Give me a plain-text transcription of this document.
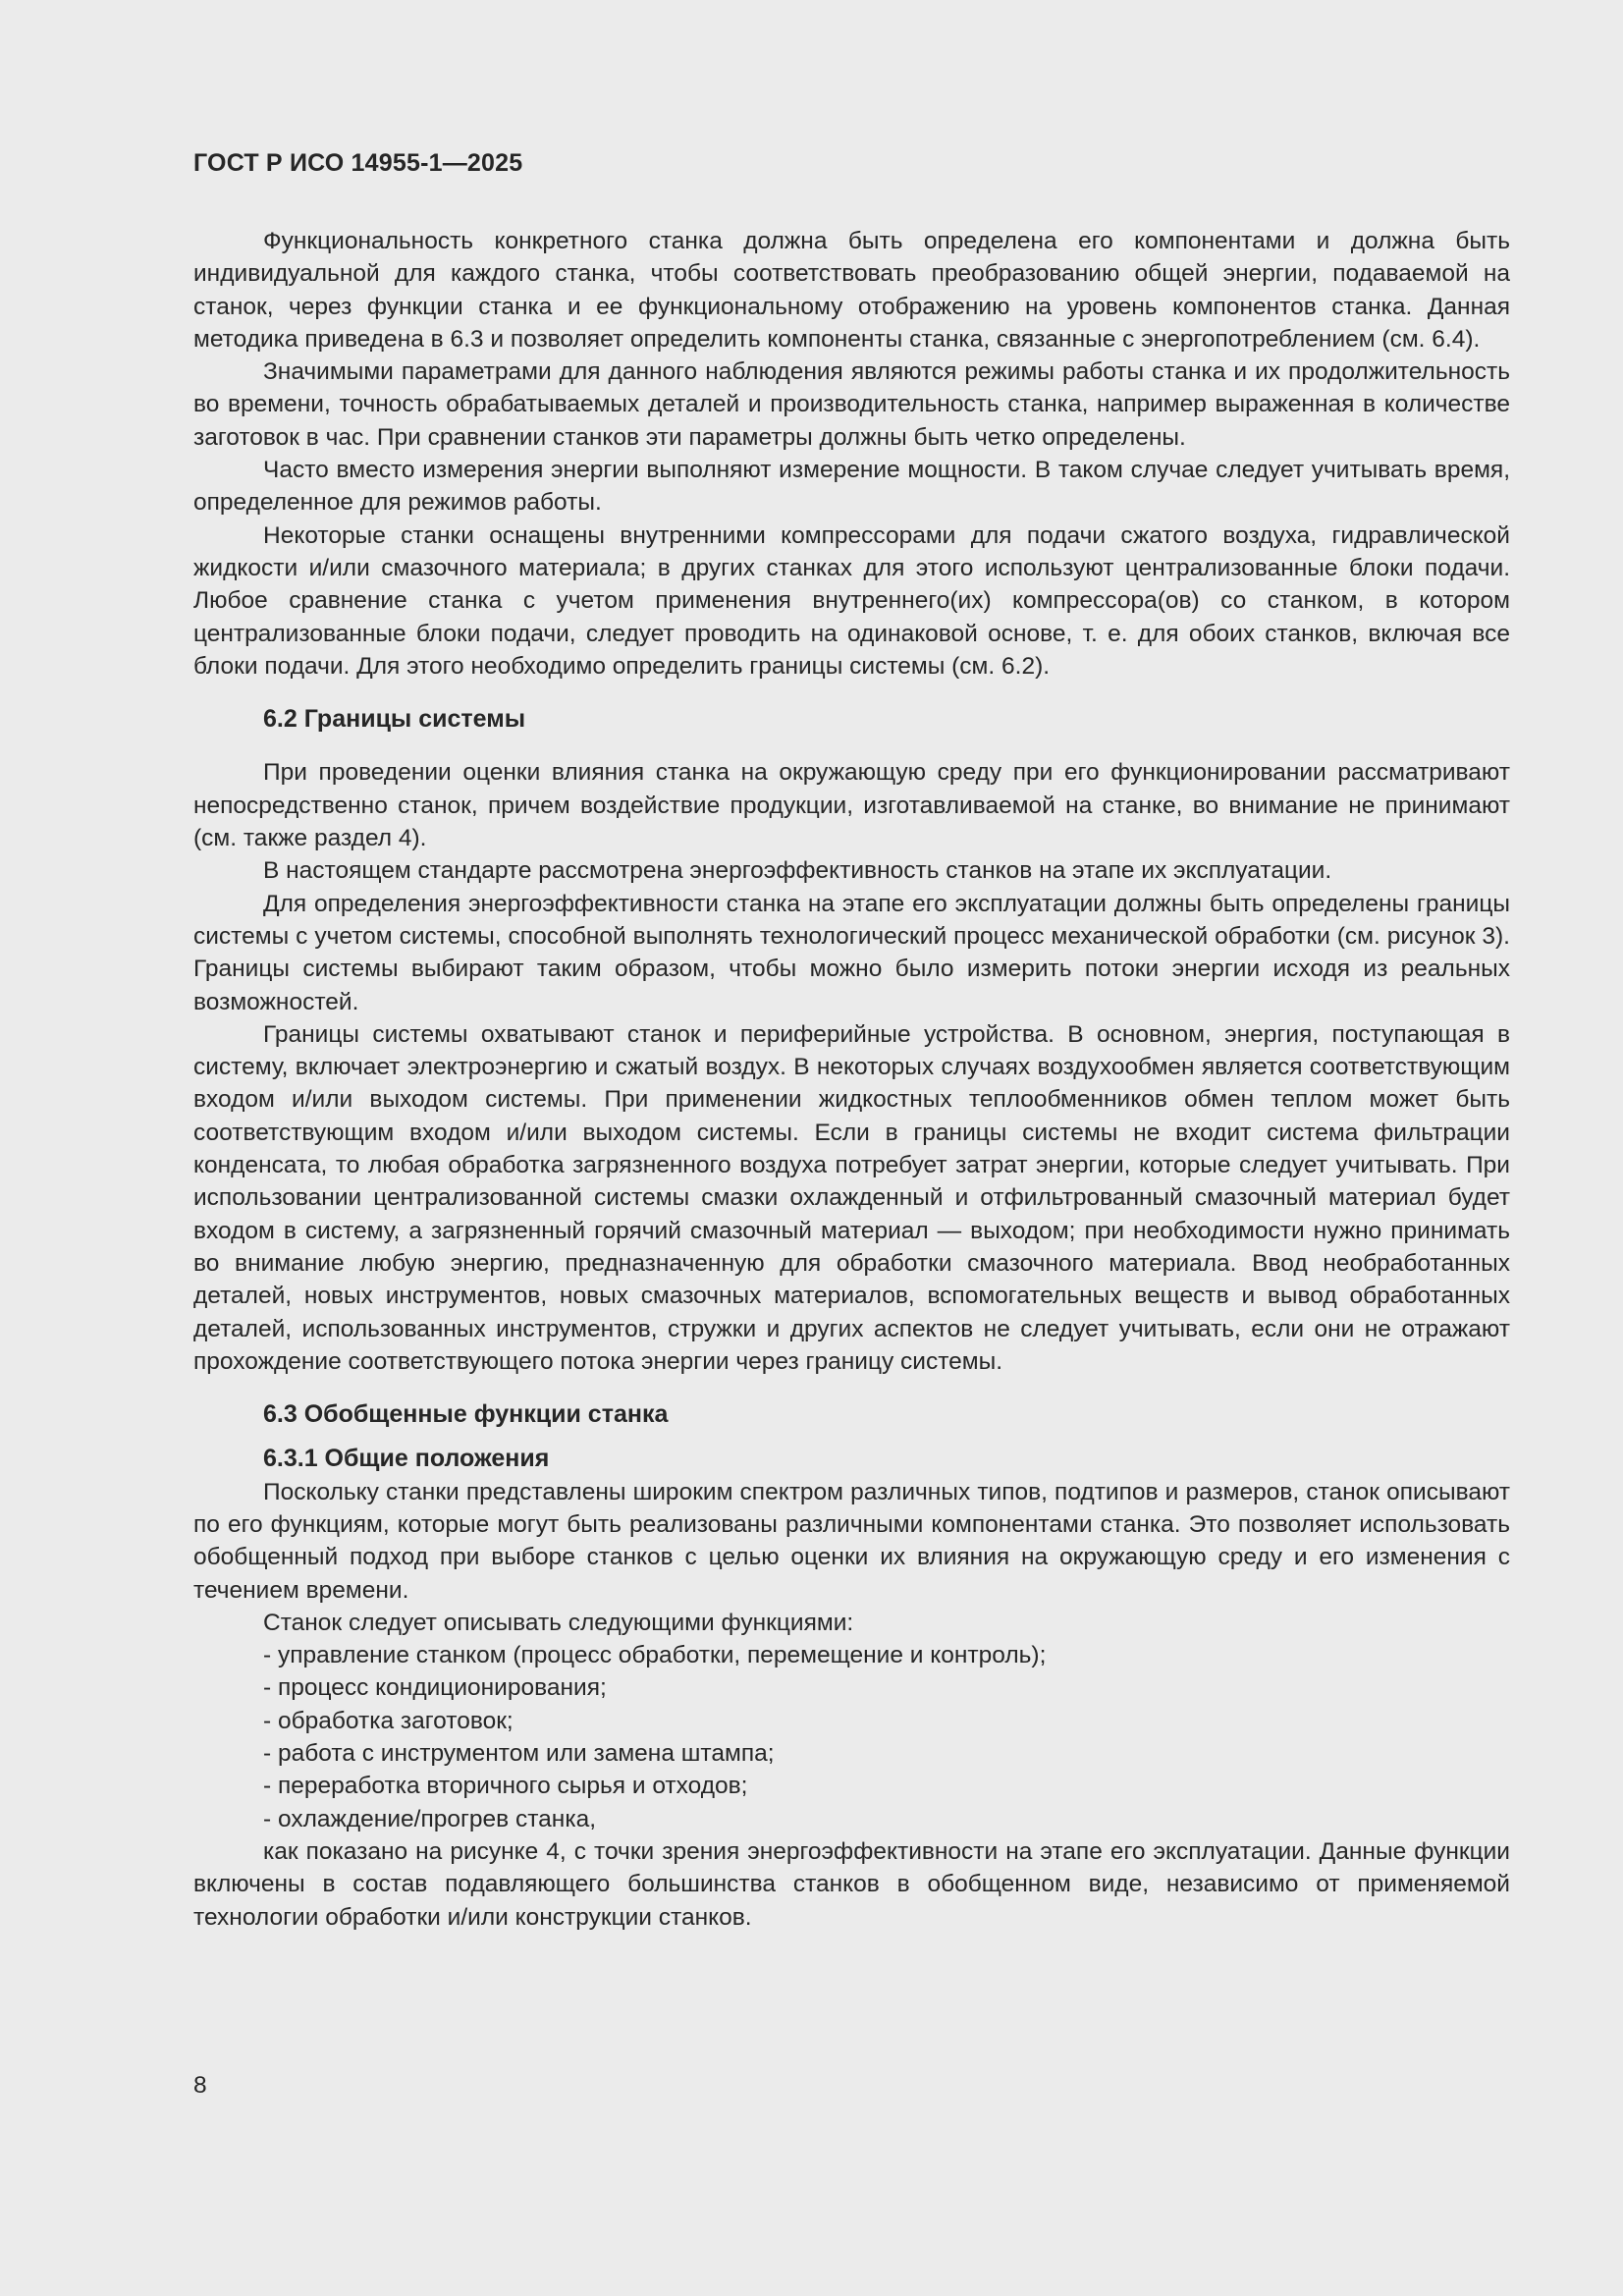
ГОСТ Р ИСО 14955-1—2025

Функциональность конкретного станка должна быть определена его компонентами и должна быть индивидуальной для каждого станка, чтобы соответствовать преобразованию общей энергии, подаваемой на станок, через функции станка и ее функциональному отображению на уровень компонентов станка. Данная методика приведена в 6.3 и позволяет определить компоненты станка, связанные с энергопотреблением (см. 6.4).

Значимыми параметрами для данного наблюдения являются режимы работы станка и их продолжительность во времени, точность обрабатываемых деталей и производительность станка, например выраженная в количестве заготовок в час. При сравнении станков эти параметры должны быть четко определены.

Часто вместо измерения энергии выполняют измерение мощности. В таком случае следует учитывать время, определенное для режимов работы.

Некоторые станки оснащены внутренними компрессорами для подачи сжатого воздуха, гидравлической жидкости и/или смазочного материала; в других станках для этого используют централизованные блоки подачи. Любое сравнение станка с учетом применения внутреннего(их) компрессора(ов) со станком, в котором централизованные блоки подачи, следует проводить на одинаковой основе, т. е. для обоих станков, включая все блоки подачи. Для этого необходимо определить границы системы (см. 6.2).

6.2 Границы системы

При проведении оценки влияния станка на окружающую среду при его функционировании рассматривают непосредственно станок, причем воздействие продукции, изготавливаемой на станке, во внимание не принимают (см. также раздел 4).

В настоящем стандарте рассмотрена энергоэффективность станков на этапе их эксплуатации.

Для определения энергоэффективности станка на этапе его эксплуатации должны быть определены границы системы с учетом системы, способной выполнять технологический процесс механической обработки (см. рисунок 3). Границы системы выбирают таким образом, чтобы можно было измерить потоки энергии исходя из реальных возможностей.

Границы системы охватывают станок и периферийные устройства. В основном, энергия, поступающая в систему, включает электроэнергию и сжатый воздух. В некоторых случаях воздухообмен является соответствующим входом и/или выходом системы. При применении жидкостных теплообменников обмен теплом может быть соответствующим входом и/или выходом системы. Если в границы системы не входит система фильтрации конденсата, то любая обработка загрязненного воздуха потребует затрат энергии, которые следует учитывать. При использовании централизованной системы смазки охлажденный и отфильтрованный смазочный материал будет входом в систему, а загрязненный горячий смазочный материал — выходом; при необходимости нужно принимать во внимание любую энергию, предназначенную для обработки смазочного материала. Ввод необработанных деталей, новых инструментов, новых смазочных материалов, вспомогательных веществ и вывод обработанных деталей, использованных инструментов, стружки и других аспектов не следует учитывать, если они не отражают прохождение соответствующего потока энергии через границу системы.

6.3 Обобщенные функции станка
6.3.1 Общие положения

Поскольку станки представлены широким спектром различных типов, подтипов и размеров, станок описывают по его функциям, которые могут быть реализованы различными компонентами станка. Это позволяет использовать обобщенный подход при выборе станков с целью оценки их влияния на окружающую среду и его изменения с течением времени.

Станок следует описывать следующими функциями:

- управление станком (процесс обработки, перемещение и контроль);
- процесс кондиционирования;
- обработка заготовок;
- работа с инструментом или замена штампа;
- переработка вторичного сырья и отходов;
- охлаждение/прогрев станка,

как показано на рисунке 4, с точки зрения энергоэффективности на этапе его эксплуатации. Данные функции включены в состав подавляющего большинства станков в обобщенном виде, независимо от применяемой технологии обработки и/или конструкции станков.

8
